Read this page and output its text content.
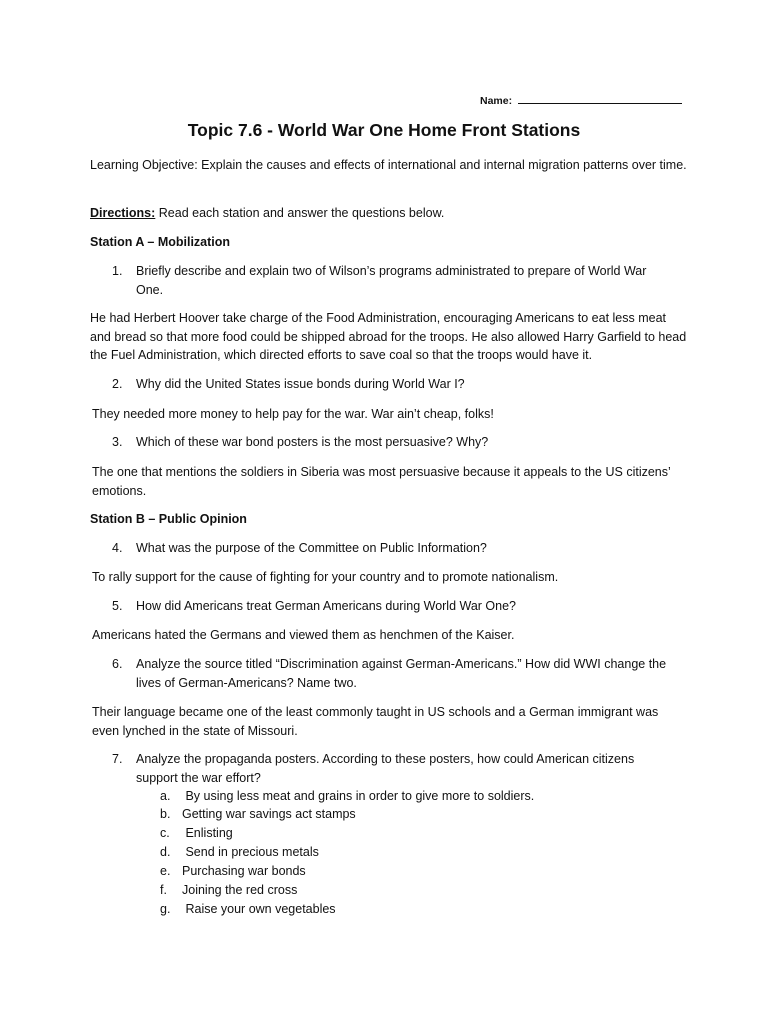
Name:
Topic 7.6 - World War One Home Front Stations

Learning Objective: Explain the causes and effects of international and internal migration patterns over time.

Directions: Read each station and answer the questions below.

Station A – Mobilization

1. Briefly describe and explain two of Wilson’s programs administrated to prepare of World War One.

He had Herbert Hoover take charge of the Food Administration, encouraging Americans to eat less meat and bread so that more food could be shipped abroad for the troops. He also allowed Harry Garfield to head the Fuel Administration, which directed efforts to save coal so that the troops would have it.

2. Why did the United States issue bonds during World War I?

They needed more money to help pay for the war. War ain’t cheap, folks!

3. Which of these war bond posters is the most persuasive? Why?

The one that mentions the soldiers in Siberia was most persuasive because it appeals to the US citizens’ emotions.

Station B – Public Opinion

4. What was the purpose of the Committee on Public Information?

To rally support for the cause of fighting for your country and to promote nationalism.

5. How did Americans treat German Americans during World War One?

Americans hated the Germans and viewed them as henchmen of the Kaiser.

6. Analyze the source titled “Discrimination against German-Americans.” How did WWI change the lives of German-Americans? Name two.

Their language became one of the least commonly taught in US schools and a German immigrant was even lynched in the state of Missouri.

7. Analyze the propaganda posters. According to these posters, how could American citizens support the war effort?
a. By using less meat and grains in order to give more to soldiers.
b. Getting war savings act stamps
c. Enlisting
d. Send in precious metals
e. Purchasing war bonds
f. Joining the red cross
g. Raise your own vegetables
